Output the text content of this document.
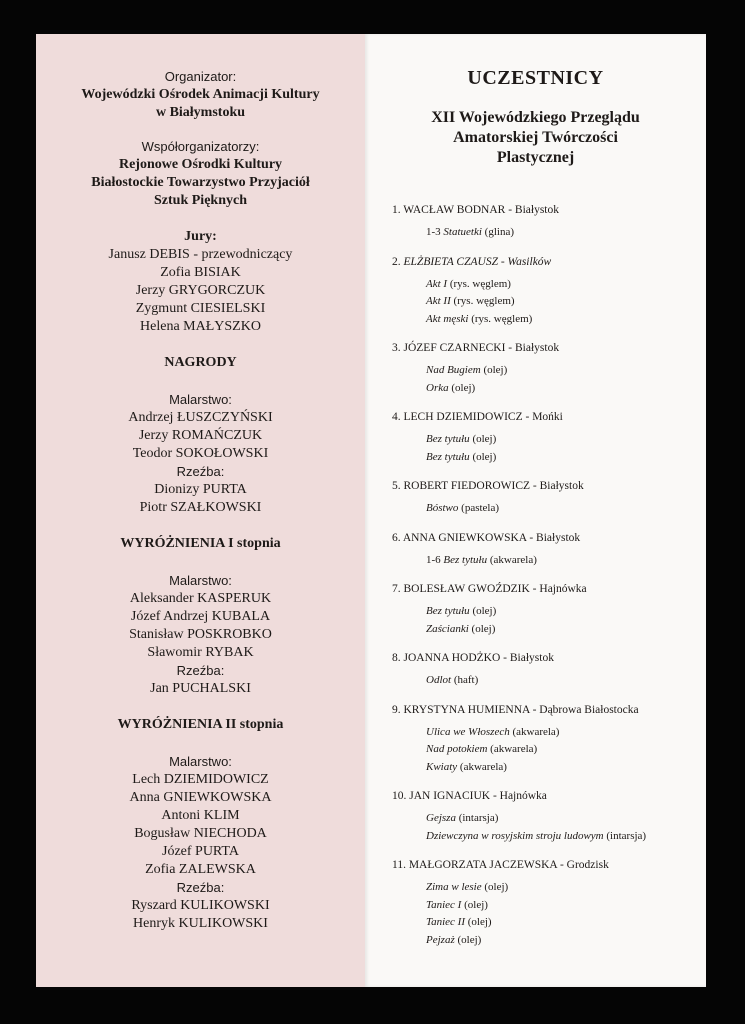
Organizator:
Wojewódzki Ośrodek Animacji Kultury
w Białymstoku
Współorganizatorzy:
Rejonowe Ośrodki Kultury
Białostockie Towarzystwo Przyjaciół
Sztuk Pięknych
Jury:
Janusz DEBIS - przewodniczący
Zofia BISIAK
Jerzy GRYGORCZUK
Zygmunt CIESIELSKI
Helena MAŁYSZKO
NAGRODY
Malarstwo:
Andrzej ŁUSZCZYŃSKI
Jerzy ROMAŃCZUK
Teodor SOKOŁOWSKI
Rzeźba:
Dionizy PURTA
Piotr SZAŁKOWSKI
WYRÓŻNIENIA I stopnia
Malarstwo:
Aleksander KASPERUK
Józef Andrzej KUBALA
Stanisław POSKROBKO
Sławomir RYBAK
Rzeźba:
Jan PUCHALSKI
WYRÓŻNIENIA II stopnia
Malarstwo:
Lech DZIEMIDOWICZ
Anna GNIEWKOWSKA
Antoni KLIM
Bogusław NIECHODA
Józef PURTA
Zofia ZALEWSKA
Rzeźba:
Ryszard KULIKOWSKI
Henryk KULIKOWSKI
UCZESTNICY
XII Wojewódzkiego Przeglądu
Amatorskiej Twórczości
Plastycznej
1. WACŁAW BODNAR - Białystok
1-3 Statuetki (glina)
2. ELŻBIETA CZAUSZ - Wasilków
Akt I (rys. węglem)
Akt II (rys. węglem)
Akt męski (rys. węglem)
3. JÓZEF CZARNECKI - Białystok
Nad Bugiem (olej)
Orka (olej)
4. LECH DZIEMIDOWICZ - Mońki
Bez tytułu (olej)
Bez tytułu (olej)
5. ROBERT FIEDOROWICZ - Białystok
Bóstwo (pastela)
6. ANNA GNIEWKOWSKA - Białystok
1-6 Bez tytułu (akwarela)
7. BOLESŁAW GWOŹDZIK - Hajnówka
Bez tytułu (olej)
Zaścianki (olej)
8. JOANNA HODŻKO - Białystok
Odlot (haft)
9. KRYSTYNA HUMIENNA - Dąbrowa Białostocka
Ulica we Włoszech (akwarela)
Nad potokiem (akwarela)
Kwiaty (akwarela)
10. JAN IGNACIUK - Hajnówka
Gejsza (intarsja)
Dziewczyna w rosyjskim stroju ludowym (intarsja)
11. MAŁGORZATA JACZEWSKA - Grodzisk
Zima w lesie (olej)
Taniec I (olej)
Taniec II (olej)
Pejzaż (olej)
